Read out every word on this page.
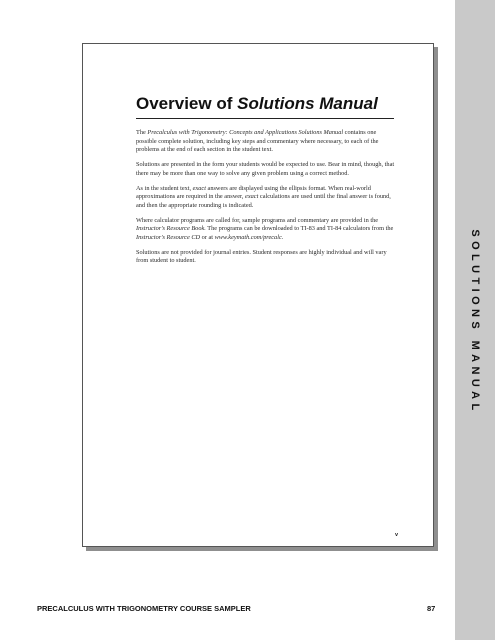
SOLUTIONS MANUAL
Overview of Solutions Manual

The Precalculus with Trigonometry: Concepts and Applications Solutions Manual contains one possible complete solution, including key steps and commentary where necessary, to each of the problems at the end of each section in the student text.

Solutions are presented in the form your students would be expected to use. Bear in mind, though, that there may be more than one way to solve any given problem using a correct method.

As in the student text, exact answers are displayed using the ellipsis format. When real-world approximations are required in the answer, exact calculations are used until the final answer is found, and then the appropriate rounding is indicated.

Where calculator programs are called for, sample programs and commentary are provided in the Instructor's Resource Book. The programs can be downloaded to TI-83 and TI-84 calculators from the Instructor's Resource CD or at www.keymath.com/precalc.

Solutions are not provided for journal entries. Student responses are highly individual and will vary from student to student.

v
PRECALCULUS WITH TRIGONOMETRY COURSE SAMPLER	87
